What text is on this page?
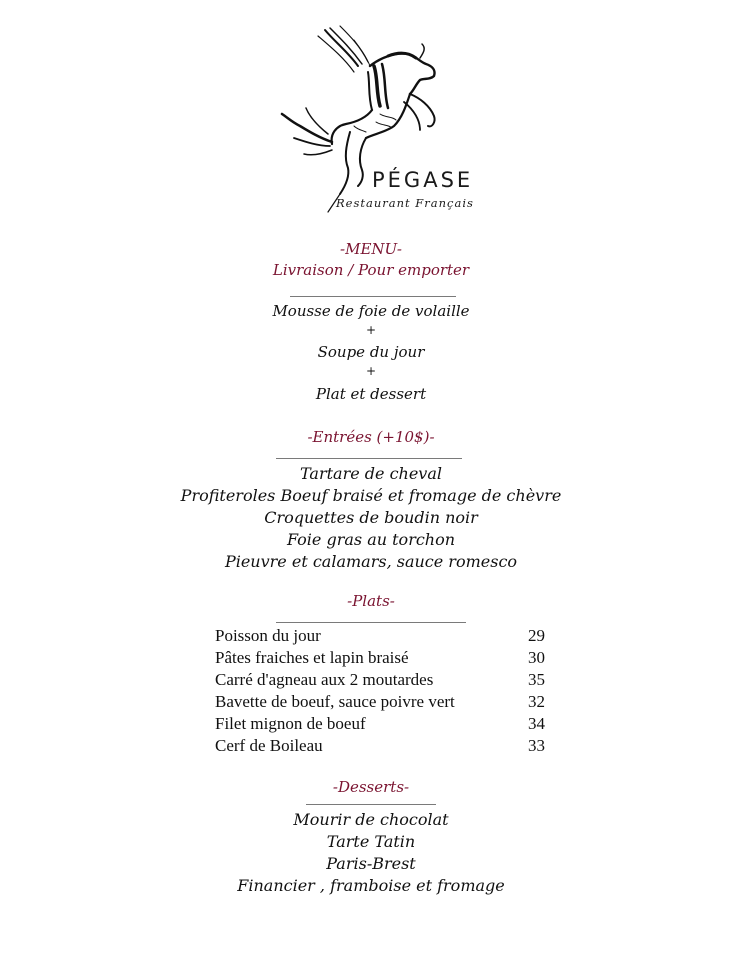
PÉGASE
Restaurant Français
-MENU-
Livraison / Pour emporter
Mousse de foie de volaille
+
Soupe du jour
+
Plat et dessert
-Entrées (+10$)-
Tartare de cheval
Profiteroles Boeuf braisé et fromage de chèvre
Croquettes de boudin noir
Foie gras au torchon
Pieuvre et calamars, sauce romesco
-Plats-
Poisson du jour	29
Pâtes fraiches et lapin braisé	30
Carré d'agneau aux 2 moutardes	35
Bavette de boeuf, sauce poivre vert	32
Filet mignon de boeuf	34
Cerf de Boileau	33
-Desserts-
Mourir de chocolat
Tarte Tatin
Paris-Brest
Financier , framboise et fromage
